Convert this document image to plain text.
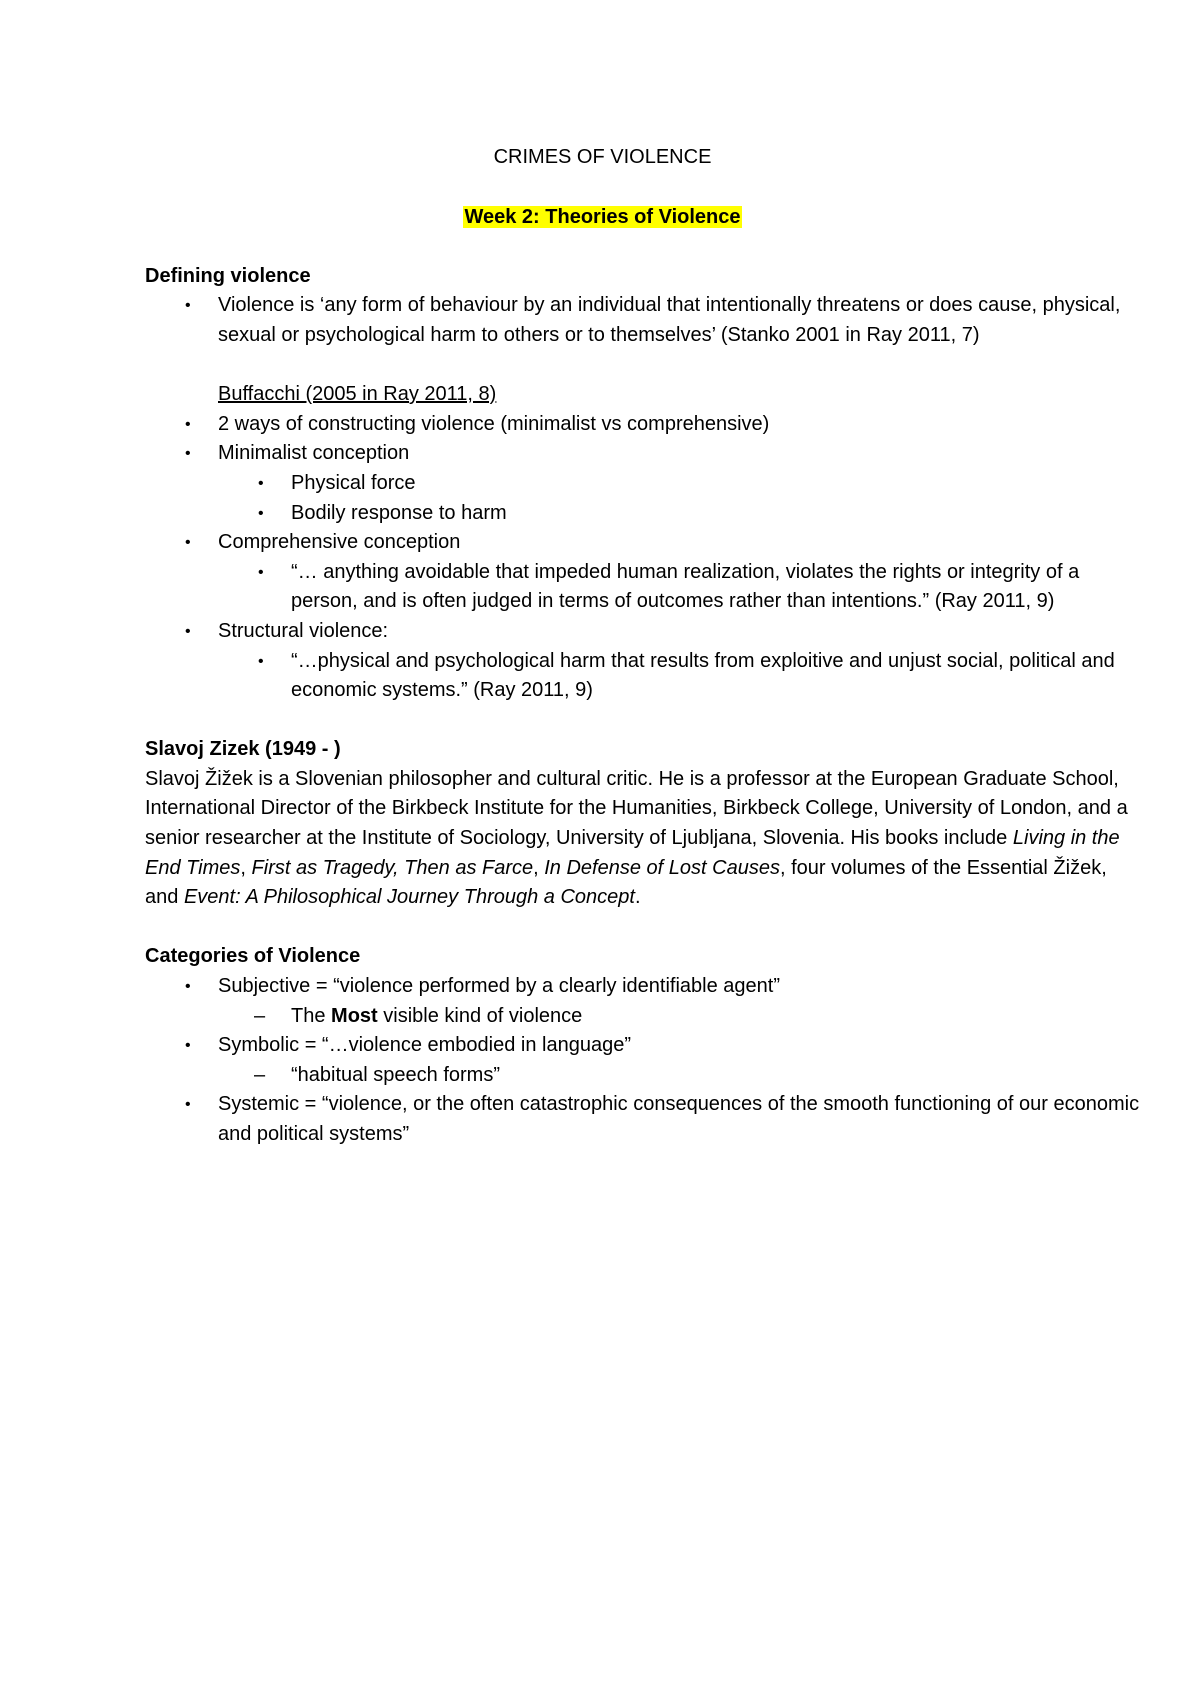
CRIMES OF VIOLENCE
Week 2: Theories of Violence
Defining violence
• Violence is ‘any form of behaviour by an individual that intentionally threatens or does cause, physical, sexual or psychological harm to others or to themselves’ (Stanko 2001 in Ray 2011, 7)
Buffacchi (2005 in Ray 2011, 8)
• 2 ways of constructing violence (minimalist vs comprehensive)
• Minimalist conception
• Physical force
• Bodily response to harm
• Comprehensive conception
• “… anything avoidable that impeded human realization, violates the rights or integrity of a person, and is often judged in terms of outcomes rather than intentions.” (Ray 2011, 9)
• Structural violence:
• “…physical and psychological harm that results from exploitive and unjust social, political and economic systems.” (Ray 2011, 9)
Slavoj Zizek (1949 - )

Slavoj Žižek is a Slovenian philosopher and cultural critic. He is a professor at the European Graduate School, International Director of the Birkbeck Institute for the Humanities, Birkbeck College, University of London, and a senior researcher at the Institute of Sociology, University of Ljubljana, Slovenia. His books include Living in the End Times, First as Tragedy, Then as Farce, In Defense of Lost Causes, four volumes of the Essential Žižek, and Event: A Philosophical Journey Through a Concept.

Categories of Violence
• Subjective = “violence performed by a clearly identifiable agent”
– The Most visible kind of violence
• Symbolic = “…violence embodied in language”
– “habitual speech forms”
• Systemic = “violence, or the often catastrophic consequences of the smooth functioning of our economic and political systems”
